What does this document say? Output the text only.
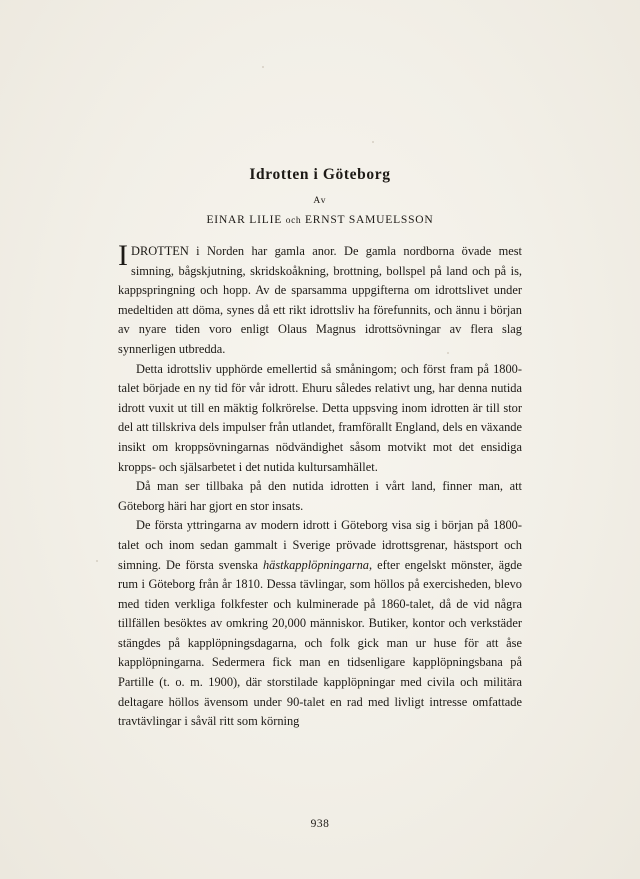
Idrotten i Göteborg
Av
EINAR LILIE och ERNST SAMUELSSON

IDROTTEN i Norden har gamla anor. De gamla nordborna övade mest simning, bågskjutning, skridskoåkning, brottning, bollspel på land och på is, kappspringning och hopp. Av de sparsamma uppgifterna om idrottslivet under medeltiden att döma, synes då ett rikt idrottsliv ha förefunnits, och ännu i början av nyare tiden voro enligt Olaus Magnus idrottsövningar av flera slag synnerligen utbredda.

Detta idrottsliv upphörde emellertid så småningom; och först fram på 1800-talet började en ny tid för vår idrott. Ehuru således relativt ung, har denna nutida idrott vuxit ut till en mäktig folkrörelse. Detta uppsving inom idrotten är till stor del att tillskriva dels impulser från utlandet, framförallt England, dels en växande insikt om kroppsövningarnas nödvändighet såsom motvikt mot det ensidiga kropps- och själsarbetet i det nutida kultursamhället.

Då man ser tillbaka på den nutida idrotten i vårt land, finner man, att Göteborg häri har gjort en stor insats.

De första yttringarna av modern idrott i Göteborg visa sig i början på 1800-talet och inom sedan gammalt i Sverige prövade idrottsgrenar, hästsport och simning. De första svenska hästkapplöpningarna, efter engelskt mönster, ägde rum i Göteborg från år 1810. Dessa tävlingar, som höllos på exercisheden, blevo med tiden verkliga folkfester och kulminerade på 1860-talet, då de vid några tillfällen besöktes av omkring 20,000 människor. Butiker, kontor och verkstäder stängdes på kapplöpningsdagarna, och folk gick man ur huse för att åse kapplöpningarna. Sedermera fick man en tidsenligare kapplöpningsbana på Partille (t. o. m. 1900), där storstilade kapplöpningar med civila och militära deltagare höllos ävensom under 90-talet en rad med livligt intresse omfattade travtävlingar i såväl ritt som körning

938
